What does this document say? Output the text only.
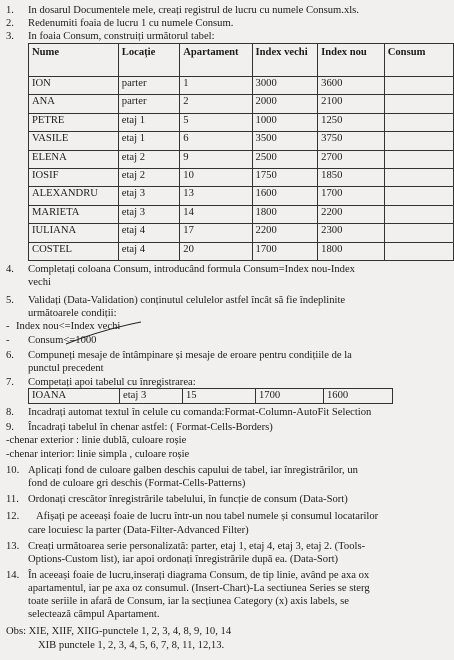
1. In dosarul Documentele mele, creați registrul de lucru cu numele Consum.xls.
2. Redenumiti foaia de lucru 1 cu numele Consum.
3. In foaia Consum, construiți următorul tabel:
Nume	Locație	Apartament	Index vechi	Index nou	Consum
ION	parter	1	3000	3600	
ANA	parter	2	2000	2100	
PETRE	etaj 1	5	1000	1250	
VASILE	etaj 1	6	3500	3750	
ELENA	etaj 2	9	2500	2700	
IOSIF	etaj 2	10	1750	1850	
ALEXANDRU	etaj 3	13	1600	1700	
MARIETA	etaj 3	14	1800	2200	
IULIANA	etaj 4	17	2200	2300	
COSTEL	etaj 4	20	1700	1800	
4. Completați coloana Consum, introducând formula Consum=Index nou-Index
vechi
5. Validați (Data-Validation) conținutul celulelor astfel încât să fie îndeplinite
următoarele condiții:
- Index nou<=Index vechi
- Consum<=1000
6. Compuneți mesaje de întâmpinare și mesaje de eroare pentru condițiile de la
punctul precedent
7. Competați apoi tabelul cu înregistrarea:
IOANA	etaj 3	15	1700	1600
8. Incadrați automat textul în celule cu comanda:Format-Column-AutoFit Selection
9. Încadrați tabelul în chenar astfel: ( Format-Cells-Borders)
-chenar exterior : linie dublă, culoare roșie
-chenar interior: linie simpla , culoare roșie
10. Aplicați fond de culoare galben deschis capului de tabel, iar înregistrărilor, un
fond de culoare gri deschis (Format-Cells-Patterns)
11. Ordonați crescător înregistrările tabelului, în funcție de consum (Data-Sort)
12. Afișați pe aceeași foaie de lucru într-un nou tabel numele și consumul locatarilor
care locuiesc la parter (Data-Filter-Advanced Filter)
13. Creați următoarea serie personalizată: parter, etaj 1, etaj 4, etaj 3, etaj 2. (Tools-
Options-Custom list), iar apoi ordonați înregistrările după ea. (Data-Sort)
14. În aceeași foaie de lucru,inserați diagrama Consum, de tip linie, având pe axa ox
apartamentul, iar pe axa oz consumul. (Insert-Chart)-La sectiunea Series se sterg
toate seriile in afară de Consum, iar la secțiunea Category (x) axis labels, se
selectează câmpul Apartament.
Obs: XIE, XIIF, XIIG-punctele 1, 2, 3, 4, 8, 9, 10, 14
XIB punctele 1, 2, 3, 4, 5, 6, 7, 8, 11, 12,13.
